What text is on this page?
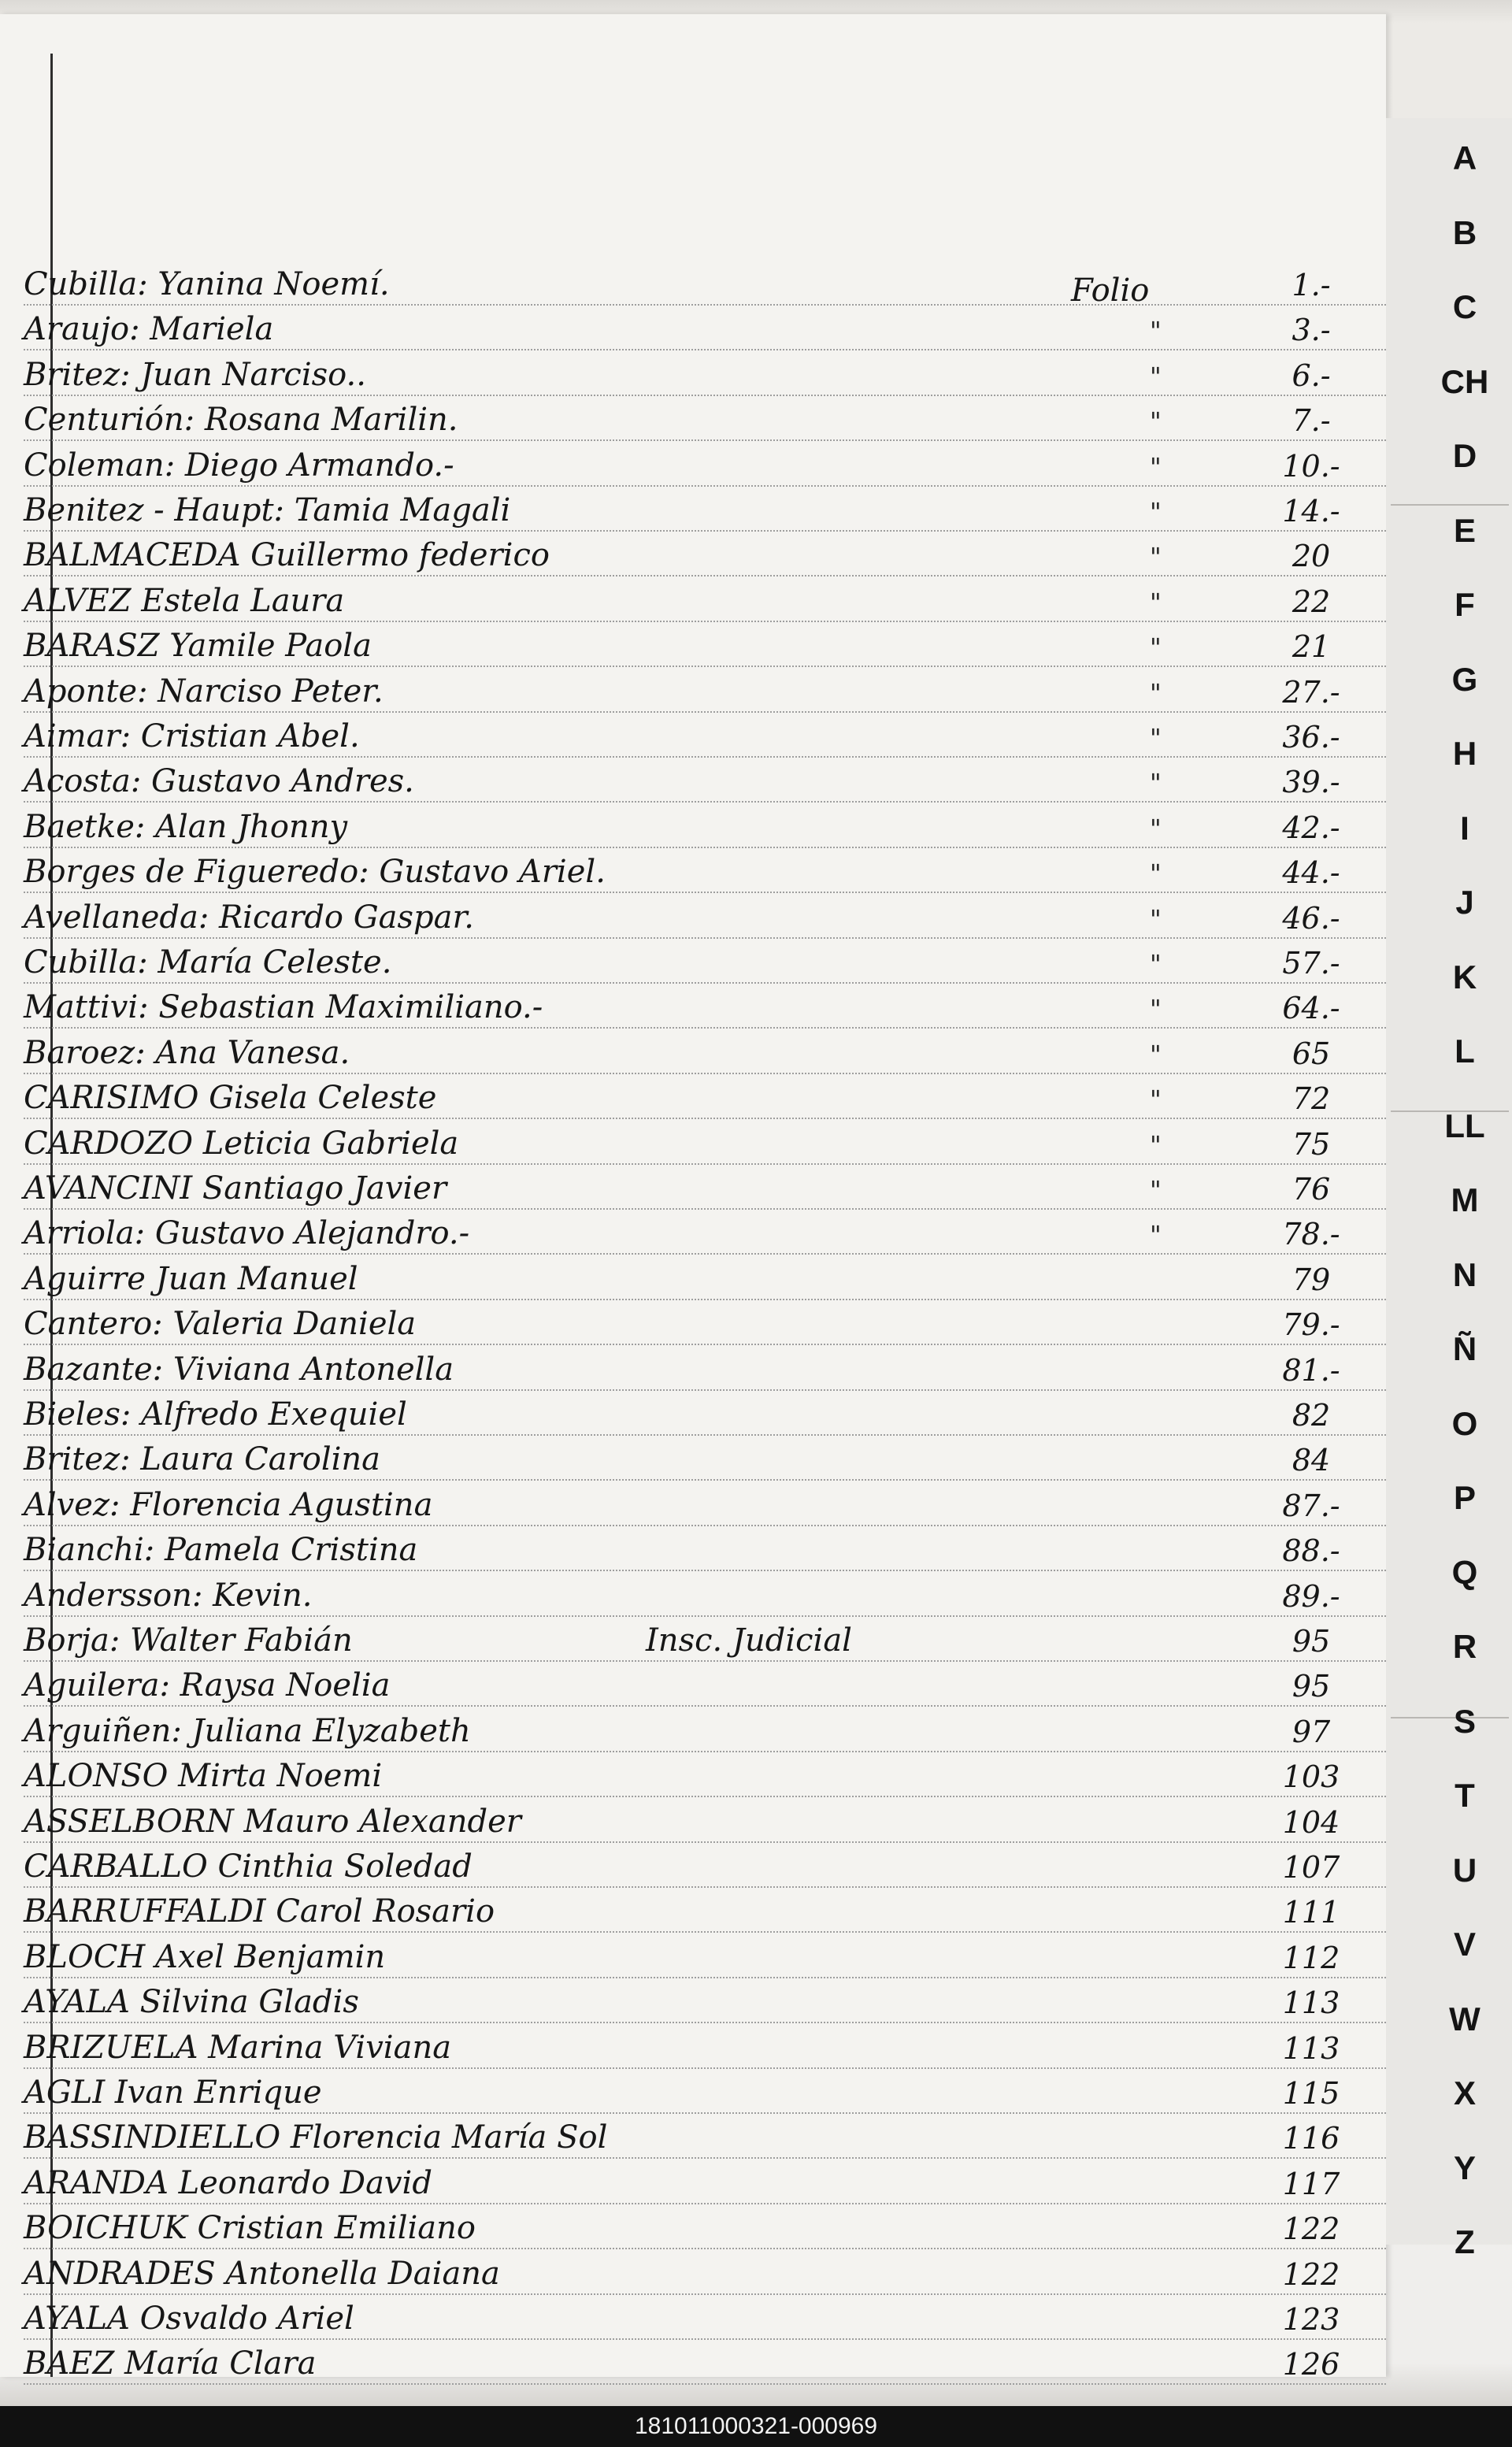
Folio
Cubilla: Yanina Noemí.	1.-
Araujo: Mariela	"	3.-
Britez: Juan Narciso..	"	6.-
Centurión: Rosana Marilin.	"	7.-
Coleman: Diego Armando.-	"	10.-
Benitez - Haupt: Tamia Magali	"	14.-
BALMACEDA Guillermo federico	"	20
ALVEZ Estela Laura	"	22
BARASZ Yamile Paola	"	21
Aponte: Narciso Peter.	"	27.-
Aimar: Cristian Abel.	"	36.-
Acosta: Gustavo Andres.	"	39.-
Baetke: Alan Jhonny	"	42.-
Borges de Figueredo: Gustavo Ariel.	"	44.-
Avellaneda: Ricardo Gaspar.	"	46.-
Cubilla: María Celeste.	"	57.-
Mattivi: Sebastian Maximiliano.-	"	64.-
Baroez: Ana Vanesa.	"	65
CARISIMO Gisela Celeste	"	72
CARDOZO Leticia Gabriela	"	75
AVANCINI Santiago Javier	"	76
Arriola: Gustavo Alejandro.-	"	78.-
Aguirre Juan Manuel	79
Cantero: Valeria Daniela	79.-
Bazante: Viviana Antonella	81.-
Bieles: Alfredo Exequiel	82
Britez: Laura Carolina	84
Alvez: Florencia Agustina	87.-
Bianchi: Pamela Cristina	88.-
Andersson: Kevin.	89.-
Borja: Walter Fabián	Insc. Judicial	95
Aguilera: Raysa Noelia	95
Arguiñen: Juliana Elyzabeth	97
ALONSO Mirta Noemi	103
ASSELBORN Mauro Alexander	104
CARBALLO Cinthia Soledad	107
BARRUFFALDI Carol Rosario	111
BLOCH Axel Benjamin	112
AYALA Silvina Gladis	113
BRIZUELA Marina Viviana	113
AGLI Ivan Enrique	115
BASSINDIELLO Florencia María Sol	116
ARANDA Leonardo David	117
BOICHUK Cristian Emiliano	122
ANDRADES Antonella Daiana	122
AYALA Osvaldo Ariel	123
BAEZ María Clara	126
A
B
C
CH
D
E
F
G
H
I
J
K
L
LL
M
N
Ñ
O
P
Q
R
S
T
U
V
W
X
Y
Z
181011000321-000969
